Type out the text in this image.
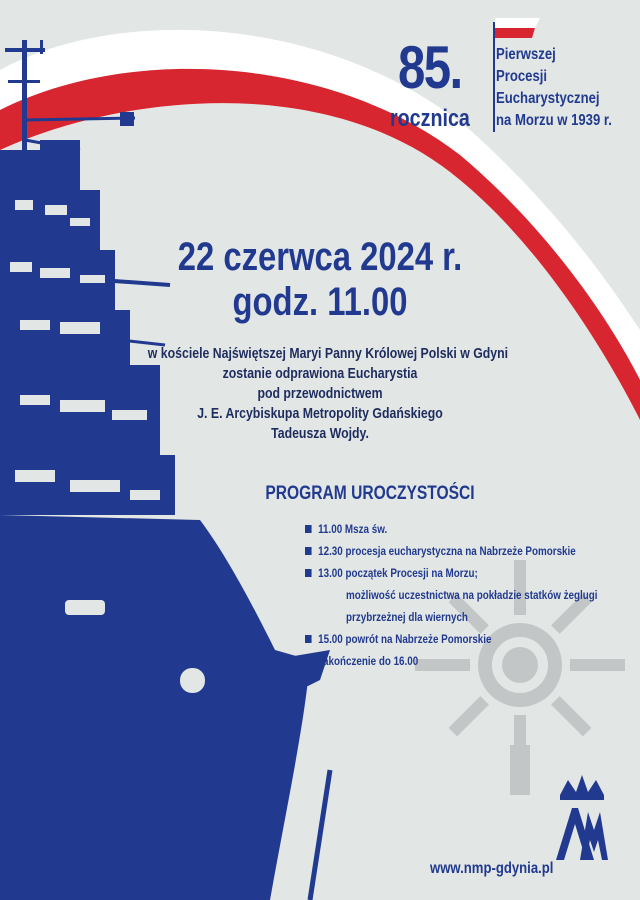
85.
rocznica
Pierwszej
Procesji
Eucharystycznej
na Morzu w 1939 r.
22 czerwca 2024 r.
godz. 11.00
w kościele Najświętszej Maryi Panny Królowej Polski w Gdyni
zostanie odprawiona Eucharystia
pod przewodnictwem
J. E. Arcybiskupa Metropolity Gdańskiego
Tadeusza Wojdy.
PROGRAM UROCZYSTOŚCI
11.00 Msza św.
12.30 procesja eucharystyczna na Nabrzeże Pomorskie
13.00 początek Procesji na Morzu;
możliwość uczestnictwa na pokładzie statków żeglugi
przybrzeżnej dla wiernych
15.00 powrót na Nabrzeże Pomorskie
zakończenie do 16.00
www.nmp-gdynia.pl
